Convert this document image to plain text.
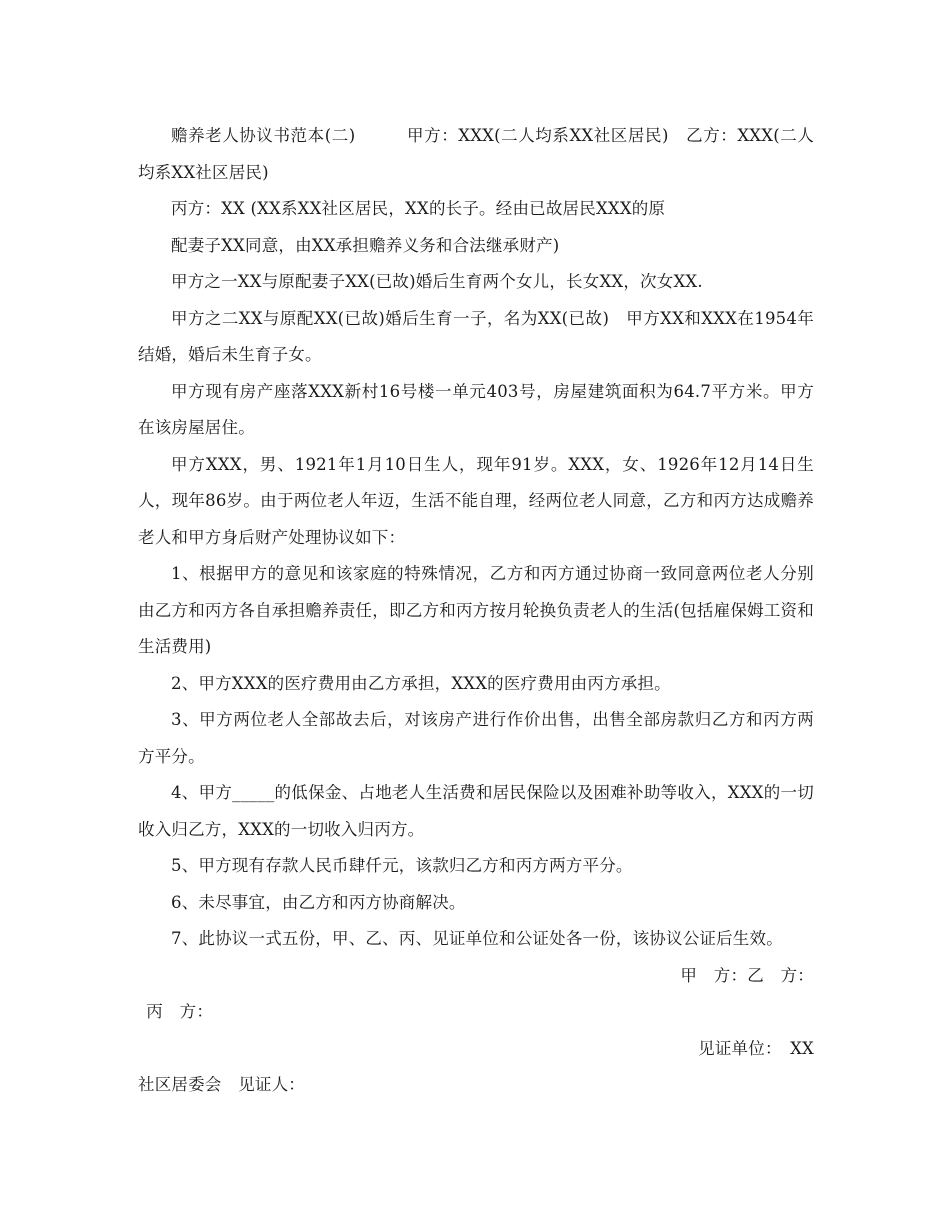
赡养老人协议书范本(二)　　　甲方：XXX(二人均系XX社区居民)　乙方：XXX(二人均系XX社区居民)

丙方：XX (XX系XX社区居民，XX的长子。经由已故居民XXX的原

配妻子XX同意，由XX承担赡养义务和合法继承财产)

甲方之一XX与原配妻子XX(已故)婚后生育两个女儿，长女XX，次女XX.

甲方之二XX与原配XX(已故)婚后生育一子，名为XX(已故)　甲方XX和XXX在1954年结婚，婚后未生育子女。

甲方现有房产座落XXX新村16号楼一单元403号，房屋建筑面积为64.7平方米。甲方在该房屋居住。

甲方XXX，男、1921年1月10日生人，现年91岁。XXX，女、1926年12月14日生人，现年86岁。由于两位老人年迈，生活不能自理，经两位老人同意，乙方和丙方达成赡养老人和甲方身后财产处理协议如下：

1、根据甲方的意见和该家庭的特殊情况，乙方和丙方通过协商一致同意两位老人分别由乙方和丙方各自承担赡养责任，即乙方和丙方按月轮换负责老人的生活(包括雇保姆工资和生活费用)

2、甲方XXX的医疗费用由乙方承担，XXX的医疗费用由丙方承担。

3、甲方两位老人全部故去后，对该房产进行作价出售，出售全部房款归乙方和丙方两方平分。

4、甲方_____的低保金、占地老人生活费和居民保险以及困难补助等收入，XXX的一切收入归乙方，XXX的一切收入归丙方。

5、甲方现有存款人民币肆仟元，该款归乙方和丙方两方平分。

6、未尽事宜，由乙方和丙方协商解决。

7、此协议一式五份，甲、乙、丙、见证单位和公证处各一份，该协议公证后生效。

甲　方：乙　方：

丙　方：

见证单位：　XX

社区居委会　见证人：
